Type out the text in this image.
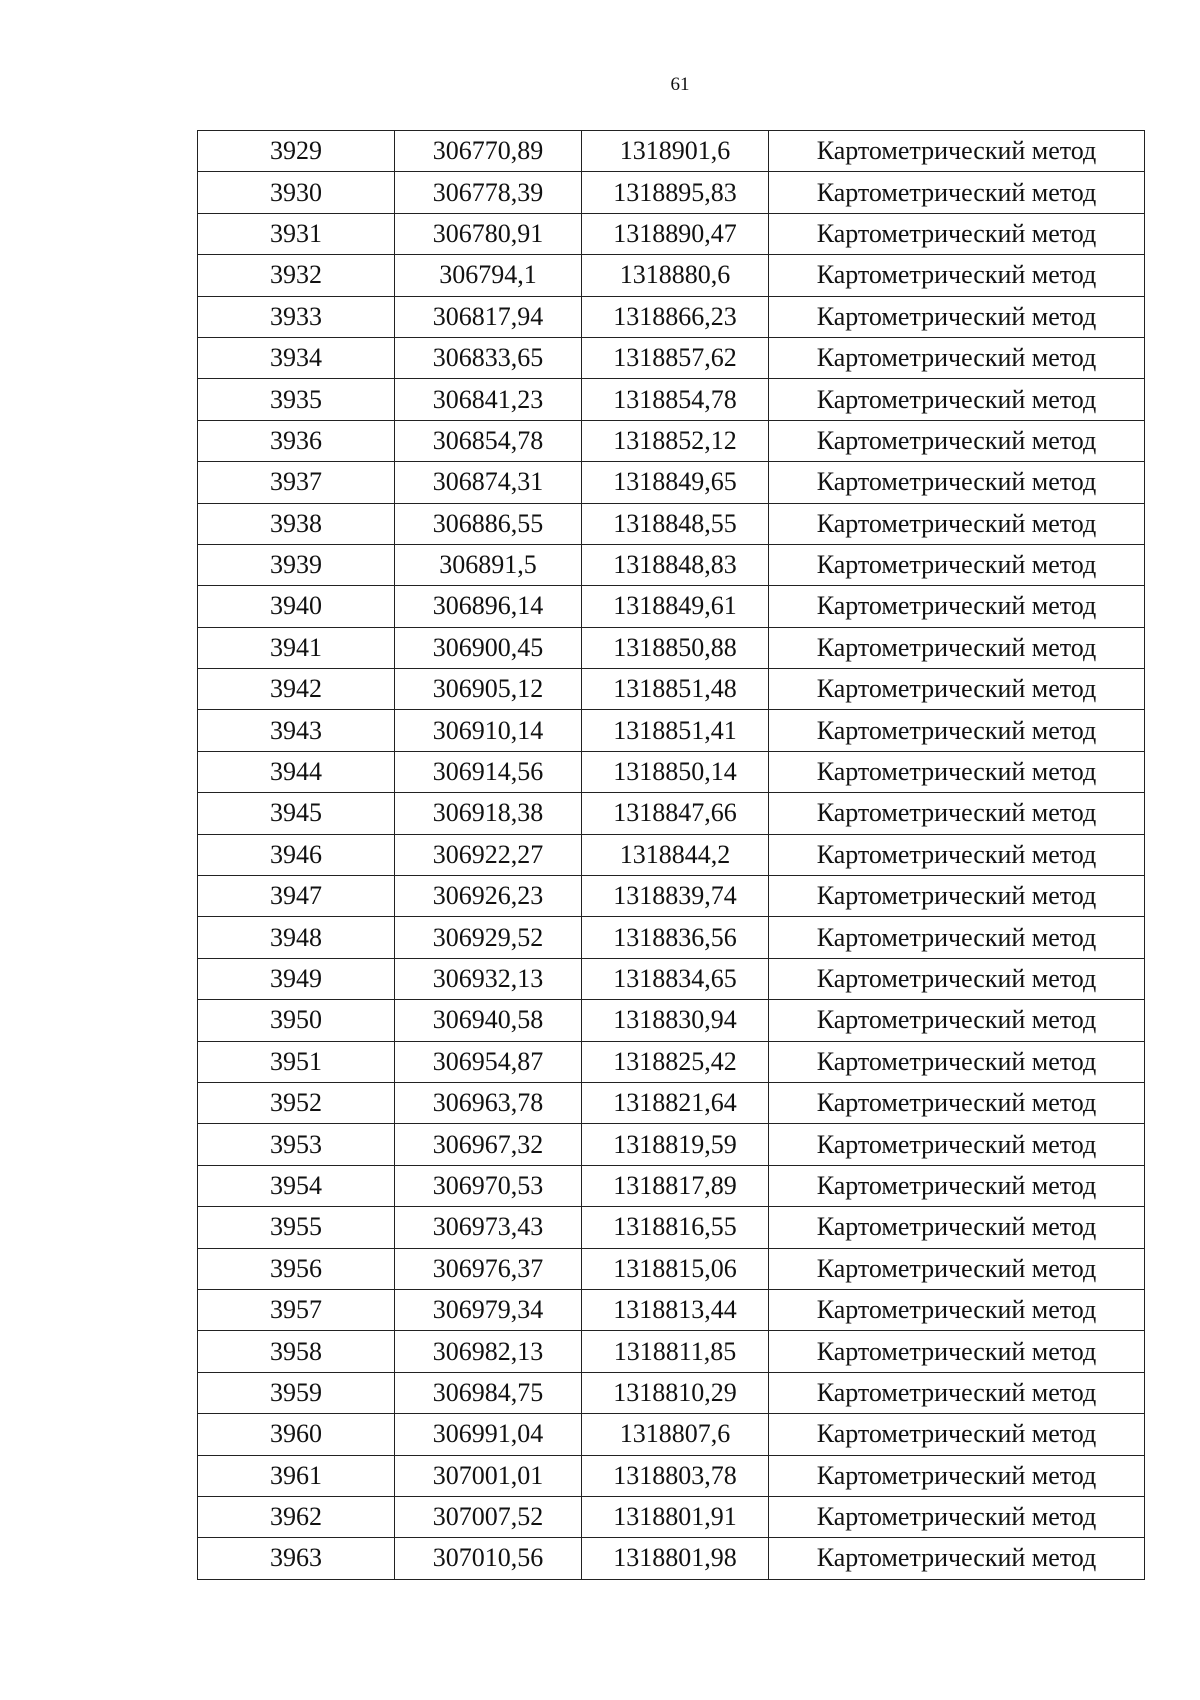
61
3929	306770,89	1318901,6	Картометрический метод
3930	306778,39	1318895,83	Картометрический метод
3931	306780,91	1318890,47	Картометрический метод
3932	306794,1	1318880,6	Картометрический метод
3933	306817,94	1318866,23	Картометрический метод
3934	306833,65	1318857,62	Картометрический метод
3935	306841,23	1318854,78	Картометрический метод
3936	306854,78	1318852,12	Картометрический метод
3937	306874,31	1318849,65	Картометрический метод
3938	306886,55	1318848,55	Картометрический метод
3939	306891,5	1318848,83	Картометрический метод
3940	306896,14	1318849,61	Картометрический метод
3941	306900,45	1318850,88	Картометрический метод
3942	306905,12	1318851,48	Картометрический метод
3943	306910,14	1318851,41	Картометрический метод
3944	306914,56	1318850,14	Картометрический метод
3945	306918,38	1318847,66	Картометрический метод
3946	306922,27	1318844,2	Картометрический метод
3947	306926,23	1318839,74	Картометрический метод
3948	306929,52	1318836,56	Картометрический метод
3949	306932,13	1318834,65	Картометрический метод
3950	306940,58	1318830,94	Картометрический метод
3951	306954,87	1318825,42	Картометрический метод
3952	306963,78	1318821,64	Картометрический метод
3953	306967,32	1318819,59	Картометрический метод
3954	306970,53	1318817,89	Картометрический метод
3955	306973,43	1318816,55	Картометрический метод
3956	306976,37	1318815,06	Картометрический метод
3957	306979,34	1318813,44	Картометрический метод
3958	306982,13	1318811,85	Картометрический метод
3959	306984,75	1318810,29	Картометрический метод
3960	306991,04	1318807,6	Картометрический метод
3961	307001,01	1318803,78	Картометрический метод
3962	307007,52	1318801,91	Картометрический метод
3963	307010,56	1318801,98	Картометрический метод
